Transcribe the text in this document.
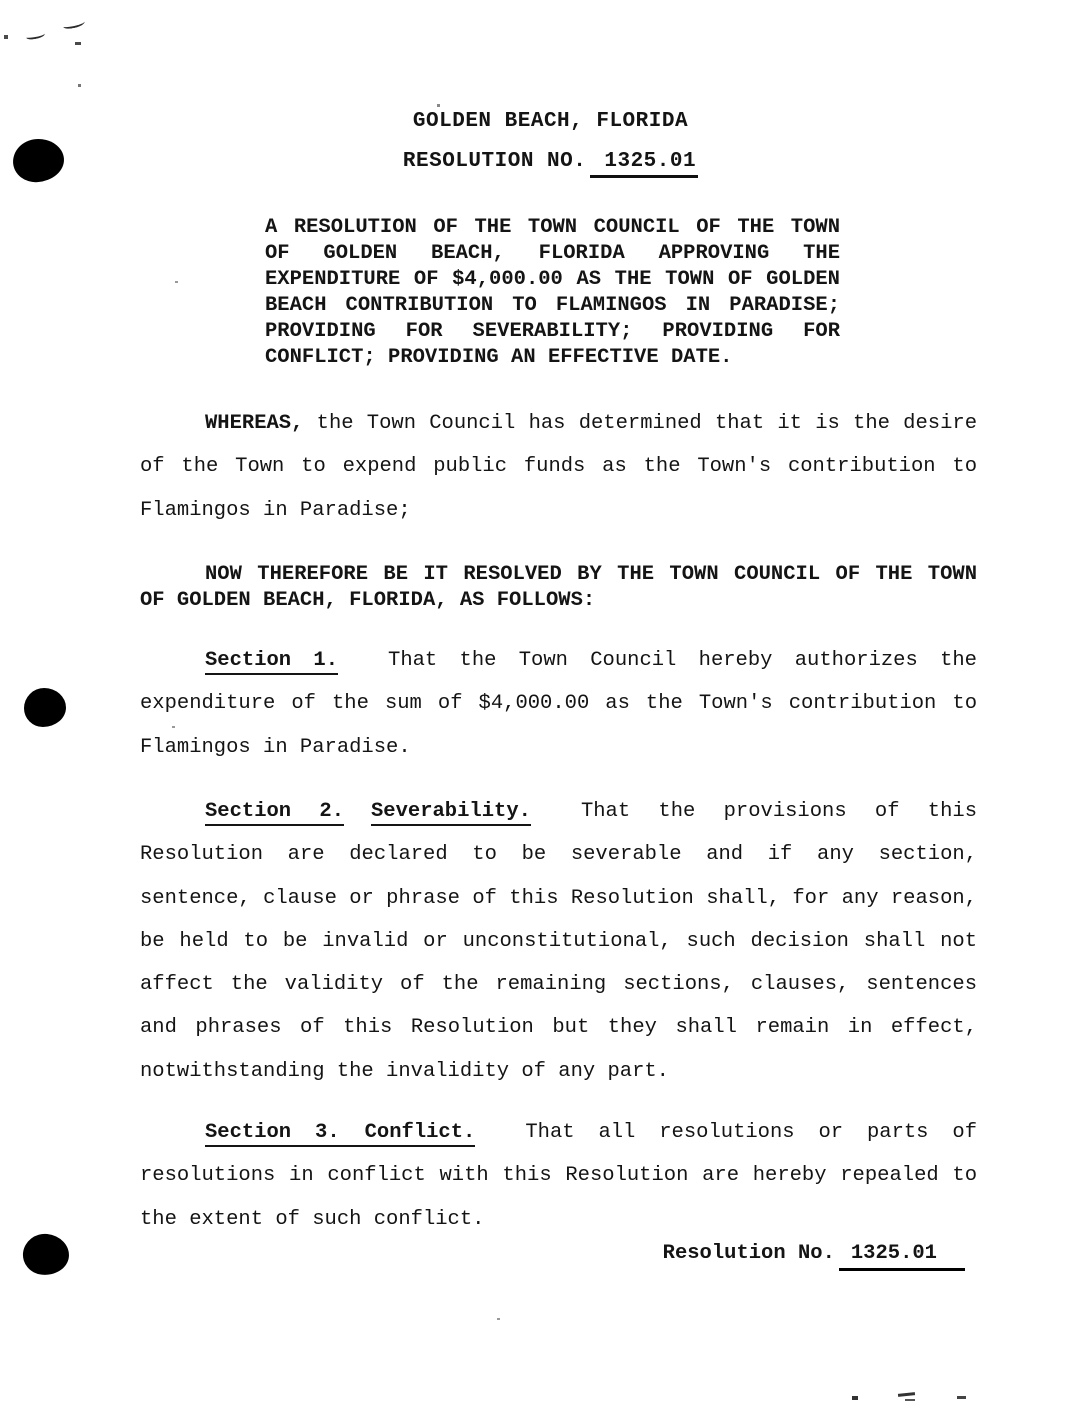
GOLDEN BEACH, FLORIDA
RESOLUTION NO. 1325.01
A RESOLUTION OF THE TOWN COUNCIL OF THE TOWN OF GOLDEN BEACH, FLORIDA APPROVING THE EXPENDITURE OF $4,000.00 AS THE TOWN OF GOLDEN BEACH CONTRIBUTION TO FLAMINGOS IN PARADISE; PROVIDING FOR SEVERABILITY; PROVIDING FOR CONFLICT; PROVIDING AN EFFECTIVE DATE.
WHEREAS, the Town Council has determined that it is the desire of the Town to expend public funds as the Town's contribution to Flamingos in Paradise;
NOW THEREFORE BE IT RESOLVED BY THE TOWN COUNCIL OF THE TOWN OF GOLDEN BEACH, FLORIDA, AS FOLLOWS:
Section 1. That the Town Council hereby authorizes the expenditure of the sum of $4,000.00 as the Town's contribution to Flamingos in Paradise.
Section 2. Severability. That the provisions of this Resolution are declared to be severable and if any section, sentence, clause or phrase of this Resolution shall, for any reason, be held to be invalid or unconstitutional, such decision shall not affect the validity of the remaining sections, clauses, sentences and phrases of this Resolution but they shall remain in effect, notwithstanding the invalidity of any part.
Section 3. Conflict. That all resolutions or parts of resolutions in conflict with this Resolution are hereby repealed to the extent of such conflict.
Resolution No. 1325.01
